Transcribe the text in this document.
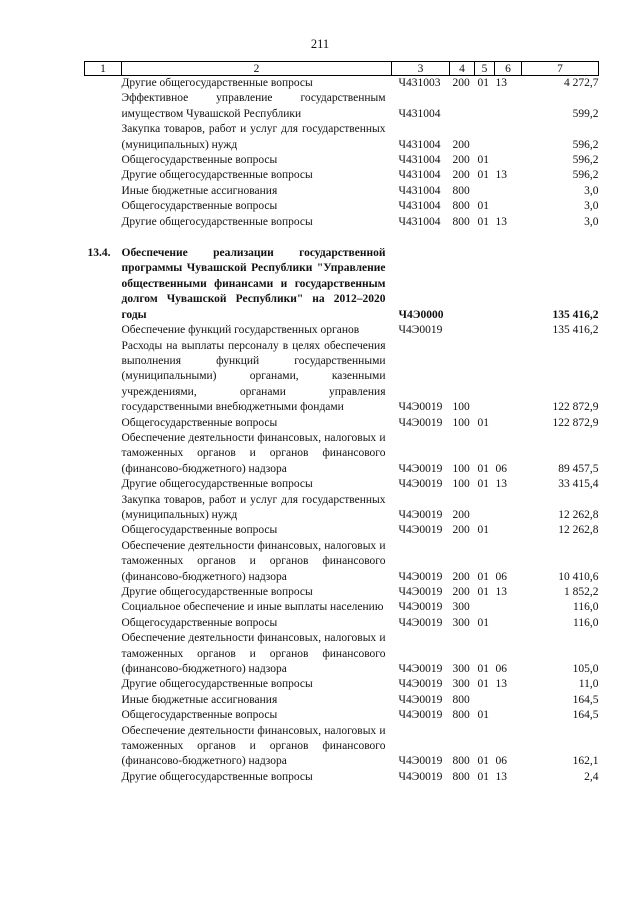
211
1	2	3	4	5	6	7
	Другие общегосударственные вопросы	Ч431003	200	01	13	4 272,7
	Эффективное управление государственным имуществом Чувашской Республики	Ч431004				599,2
	Закупка товаров, работ и услуг для государственных (муниципальных) нужд	Ч431004	200			596,2
	Общегосударственные вопросы	Ч431004	200	01		596,2
	Другие общегосударственные вопросы	Ч431004	200	01	13	596,2
	Иные бюджетные ассигнования	Ч431004	800			3,0
	Общегосударственные вопросы	Ч431004	800	01		3,0
	Другие общегосударственные вопросы	Ч431004	800	01	13	3,0

13.4.	Обеспечение реализации государственной программы Чувашской Республики "Управление общественными финансами и государственным долгом Чувашской Республики" на 2012–2020 годы	Ч4Э0000				135 416,2
	Обеспечение функций государственных органов	Ч4Э0019				135 416,2
	Расходы на выплаты персоналу в целях обеспечения выполнения функций государственными (муниципальными) органами, казенными учреждениями, органами управления государственными внебюджетными фондами	Ч4Э0019	100			122 872,9
	Общегосударственные вопросы	Ч4Э0019	100	01		122 872,9
	Обеспечение деятельности финансовых, налоговых и таможенных органов и органов финансового (финансово-бюджетного) надзора	Ч4Э0019	100	01	06	89 457,5
	Другие общегосударственные вопросы	Ч4Э0019	100	01	13	33 415,4
	Закупка товаров, работ и услуг для государственных (муниципальных) нужд	Ч4Э0019	200			12 262,8
	Общегосударственные вопросы	Ч4Э0019	200	01		12 262,8
	Обеспечение деятельности финансовых, налоговых и таможенных органов и органов финансового (финансово-бюджетного) надзора	Ч4Э0019	200	01	06	10 410,6
	Другие общегосударственные вопросы	Ч4Э0019	200	01	13	1 852,2
	Социальное обеспечение и иные выплаты населению	Ч4Э0019	300			116,0
	Общегосударственные вопросы	Ч4Э0019	300	01		116,0
	Обеспечение деятельности финансовых, налоговых и таможенных органов и органов финансового (финансово-бюджетного) надзора	Ч4Э0019	300	01	06	105,0
	Другие общегосударственные вопросы	Ч4Э0019	300	01	13	11,0
	Иные бюджетные ассигнования	Ч4Э0019	800			164,5
	Общегосударственные вопросы	Ч4Э0019	800	01		164,5
	Обеспечение деятельности финансовых, налоговых и таможенных органов и органов финансового (финансово-бюджетного) надзора	Ч4Э0019	800	01	06	162,1
	Другие общегосударственные вопросы	Ч4Э0019	800	01	13	2,4
